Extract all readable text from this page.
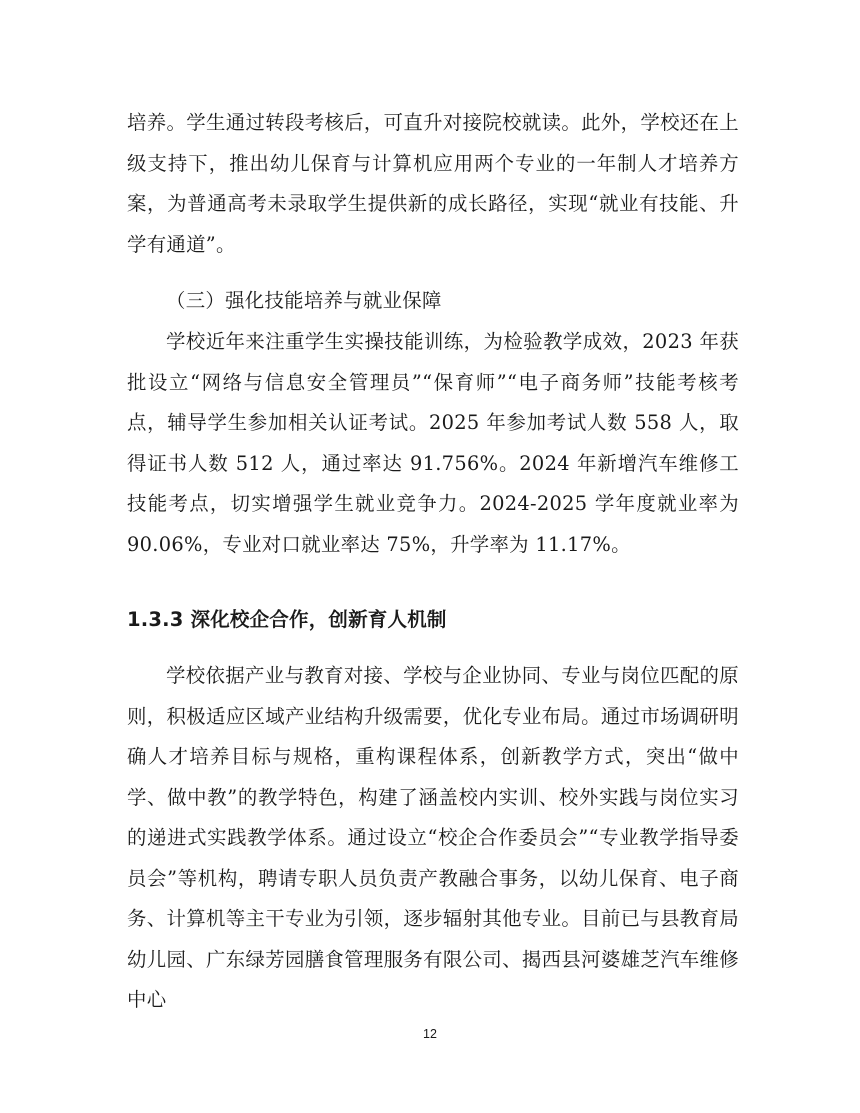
培养。学生通过转段考核后，可直升对接院校就读。此外，学校还在上级支持下，推出幼儿保育与计算机应用两个专业的一年制人才培养方案，为普通高考未录取学生提供新的成长路径，实现“就业有技能、升学有通道”。

（三）强化技能培养与就业保障

学校近年来注重学生实操技能训练，为检验教学成效，2023 年获批设立“网络与信息安全管理员”“保育师”“电子商务师”技能考核考点，辅导学生参加相关认证考试。2025 年参加考试人数 558 人，取得证书人数 512 人，通过率达 91.756%。2024 年新增汽车维修工技能考点，切实增强学生就业竞争力。2024-2025 学年度就业率为 90.06%，专业对口就业率达 75%，升学率为 11.17%。

1.3.3 深化校企合作，创新育人机制

学校依据产业与教育对接、学校与企业协同、专业与岗位匹配的原则，积极适应区域产业结构升级需要，优化专业布局。通过市场调研明确人才培养目标与规格，重构课程体系，创新教学方式，突出“做中学、做中教”的教学特色，构建了涵盖校内实训、校外实践与岗位实习的递进式实践教学体系。通过设立“校企合作委员会”“专业教学指导委员会”等机构，聘请专职人员负责产教融合事务，以幼儿保育、电子商务、计算机等主干专业为引领，逐步辐射其他专业。目前已与县教育局幼儿园、广东绿芳园膳食管理服务有限公司、揭西县河婆雄芝汽车维修中心

12
